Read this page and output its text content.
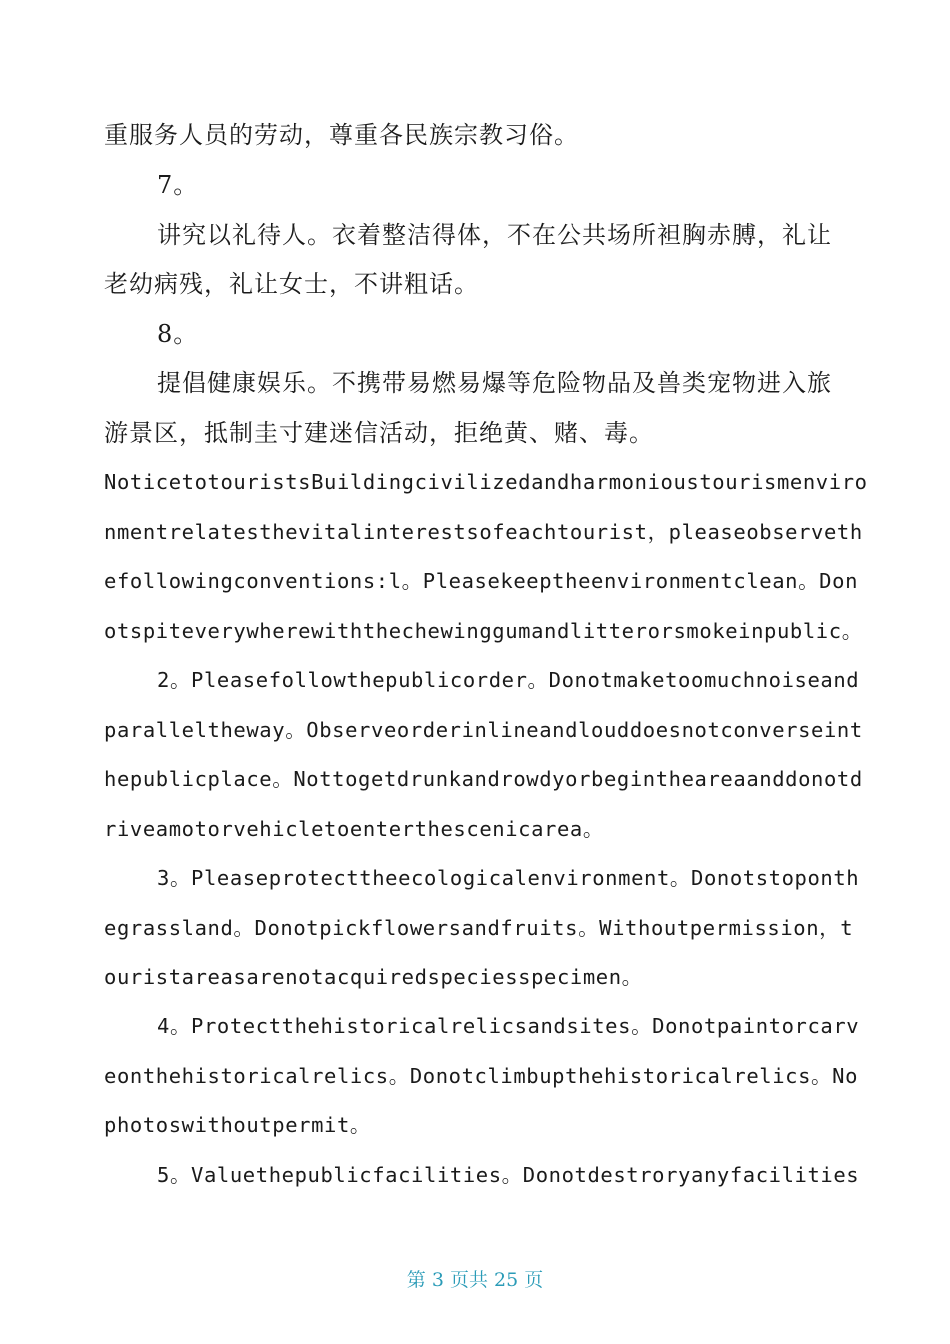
重服务人员的劳动，尊重各民族宗教习俗。
7。
讲究以礼待人。衣着整洁得体，不在公共场所袒胸赤膊，礼让
老幼病残，礼让女士，不讲粗话。
8。
提倡健康娱乐。不携带易燃易爆等危险物品及兽类宠物进入旅
游景区，抵制圭寸建迷信活动，拒绝黄、赌、毒。
NoticetotouristsBuildingcivilizedandharmonioustourismenviro
nmentrelatesthevitalinterestsofeachtourist，pleaseobserveth
efollowingconventions:l。Pleasekeeptheenvironmentclean。Don
otspiteverywherewiththechewinggumandlitterorsmokeinpublic。
2。Pleasefollowthepublicorder。Donotmaketoomuchnoiseand
paralleltheway。Observeorderinlineandlouddoesnotconverseint
hepublicplace。Nottogetdrunkandrowdyorbegintheareaanddonotd
riveamotorvehicletoenterthescenicarea。
3。Pleaseprotecttheecologicalenvironment。Donotstoponth
egrassland。Donotpickflowersandfruits。Withoutpermission，t
ouristareasarenotacquiredspeciesspecimen。
4。Protectthehistoricalrelicsandsites。Donotpaintorcarv
eonthehistoricalrelics。Donotclimbupthehistoricalrelics。No
photoswithoutpermit。
5。Valuethepublicfacilities。Donotdestroryanyfacilities
第 3 页共 25 页
